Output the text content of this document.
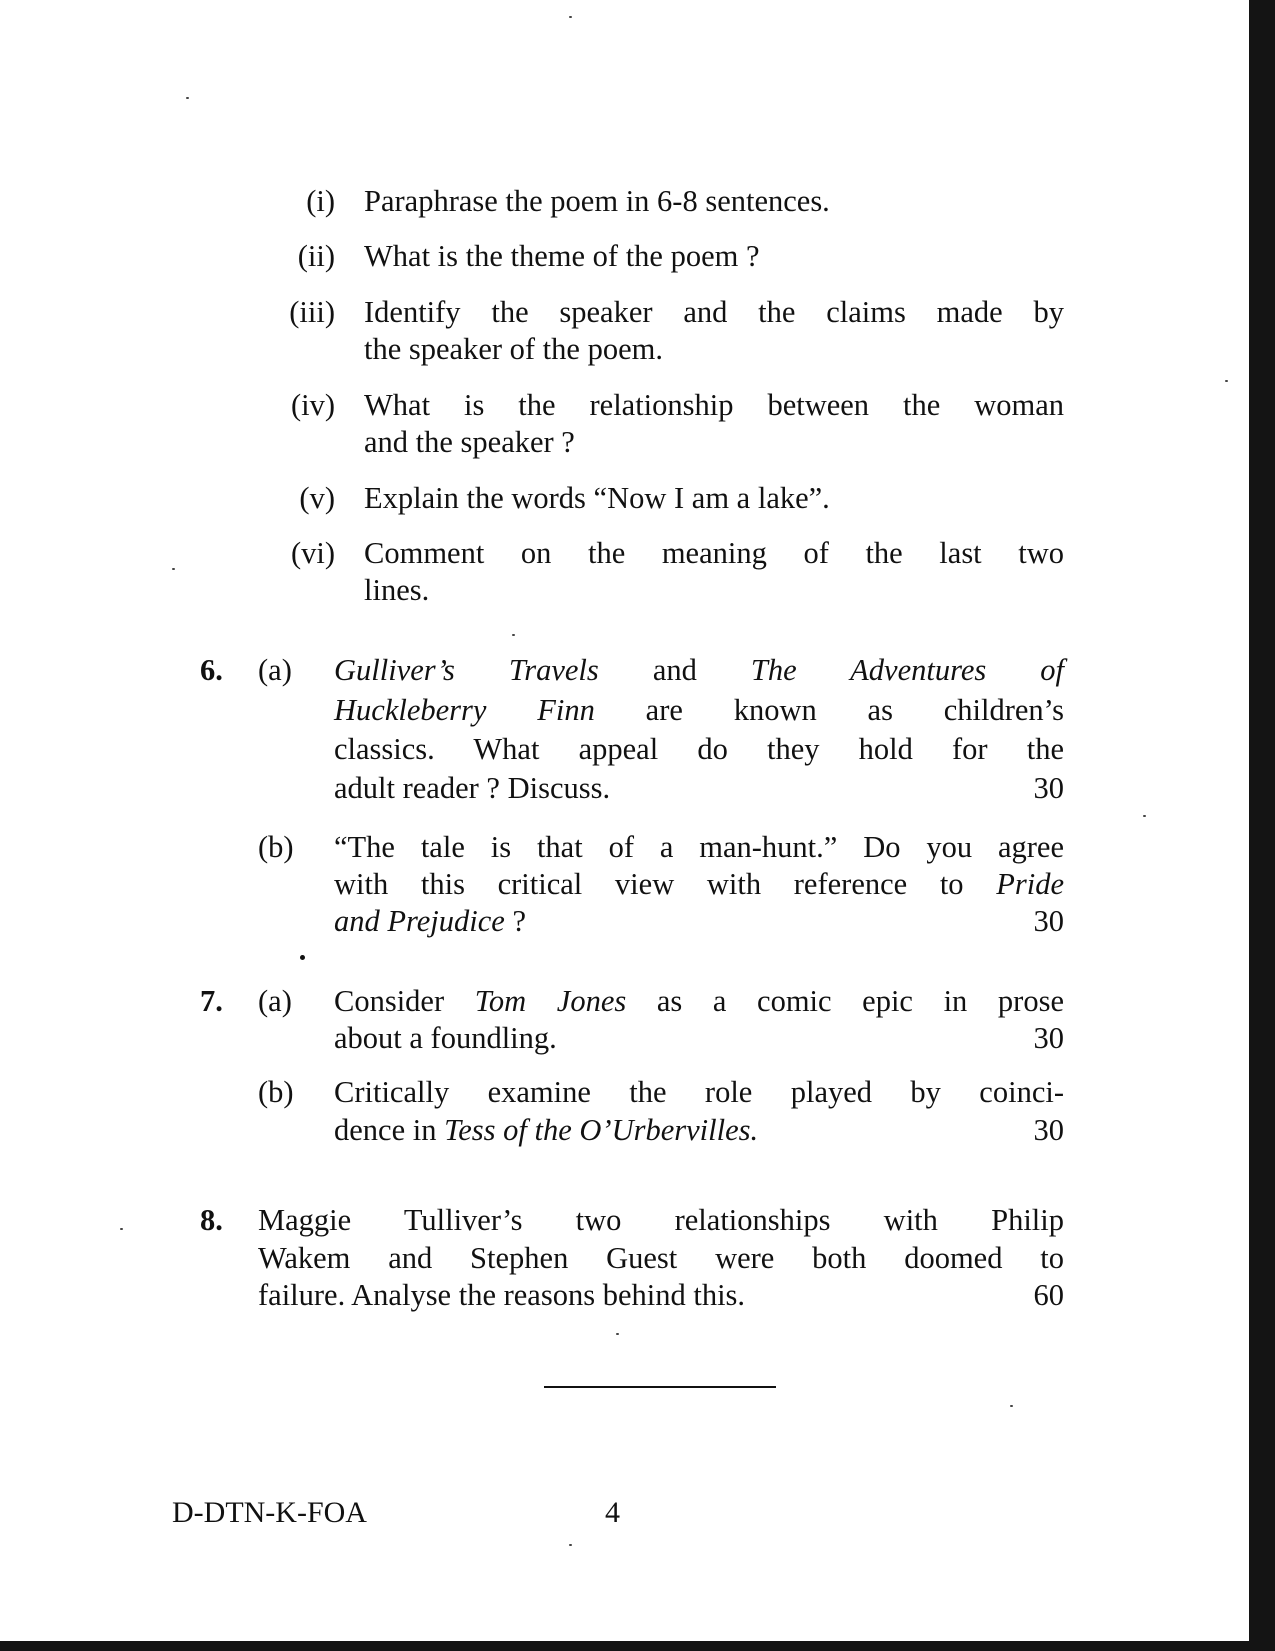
(i) Paraphrase the poem in 6-8 sentences.
(ii) What is the theme of the poem ?
(iii) Identify the speaker and the claims made by
the speaker of the poem.
(iv) What is the relationship between the woman
and the speaker ?
(v) Explain the words “Now I am a lake”.
(vi) Comment on the meaning of the last two
lines.
6. (a) Gulliver’s Travels and The Adventures of
Huckleberry Finn are known as children’s
classics. What appeal do they hold for the
adult reader ? Discuss.	30
(b) “The tale is that of a man-hunt.” Do you agree
with this critical view with reference to Pride
and Prejudice ?	30
7. (a) Consider Tom Jones as a comic epic in prose
about a foundling.	30
(b) Critically examine the role played by coinci-
dence in Tess of the O’Urbervilles.	30
8. Maggie Tulliver’s two relationships with Philip
Wakem and Stephen Guest were both doomed to
failure. Analyse the reasons behind this.	60
D-DTN-K-FOA	4
